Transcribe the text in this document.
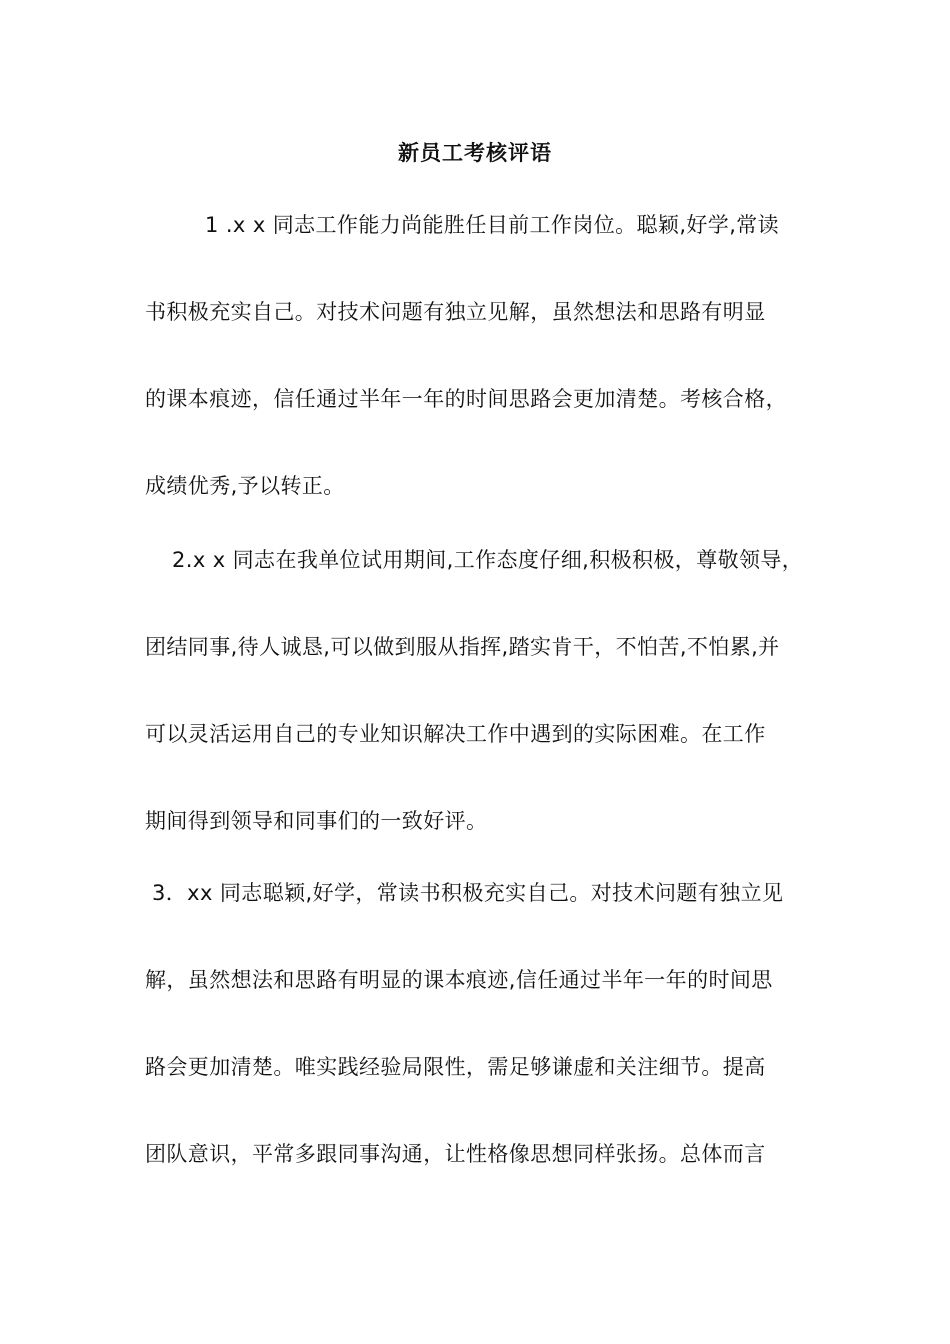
新员工考核评语
1 .x x 同志工作能力尚能胜任目前工作岗位。聪颖,好学,常读
书积极充实自己。对技术问题有独立见解，虽然想法和思路有明显
的课本痕迹，信任通过半年一年的时间思路会更加清楚。考核合格，
成绩优秀,予以转正。
2.x x 同志在我单位试用期间,工作态度仔细,积极积极，尊敬领导，
团结同事,待人诚恳,可以做到服从指挥,踏实肯干，不怕苦,不怕累,并
可以灵活运用自己的专业知识解决工作中遇到的实际困难。在工作
期间得到领导和同事们的一致好评。
3．xx 同志聪颖,好学，常读书积极充实自己。对技术问题有独立见
解，虽然想法和思路有明显的课本痕迹,信任通过半年一年的时间思
路会更加清楚。唯实践经验局限性，需足够谦虚和关注细节。提高
团队意识，平常多跟同事沟通，让性格像思想同样张扬。总体而言
